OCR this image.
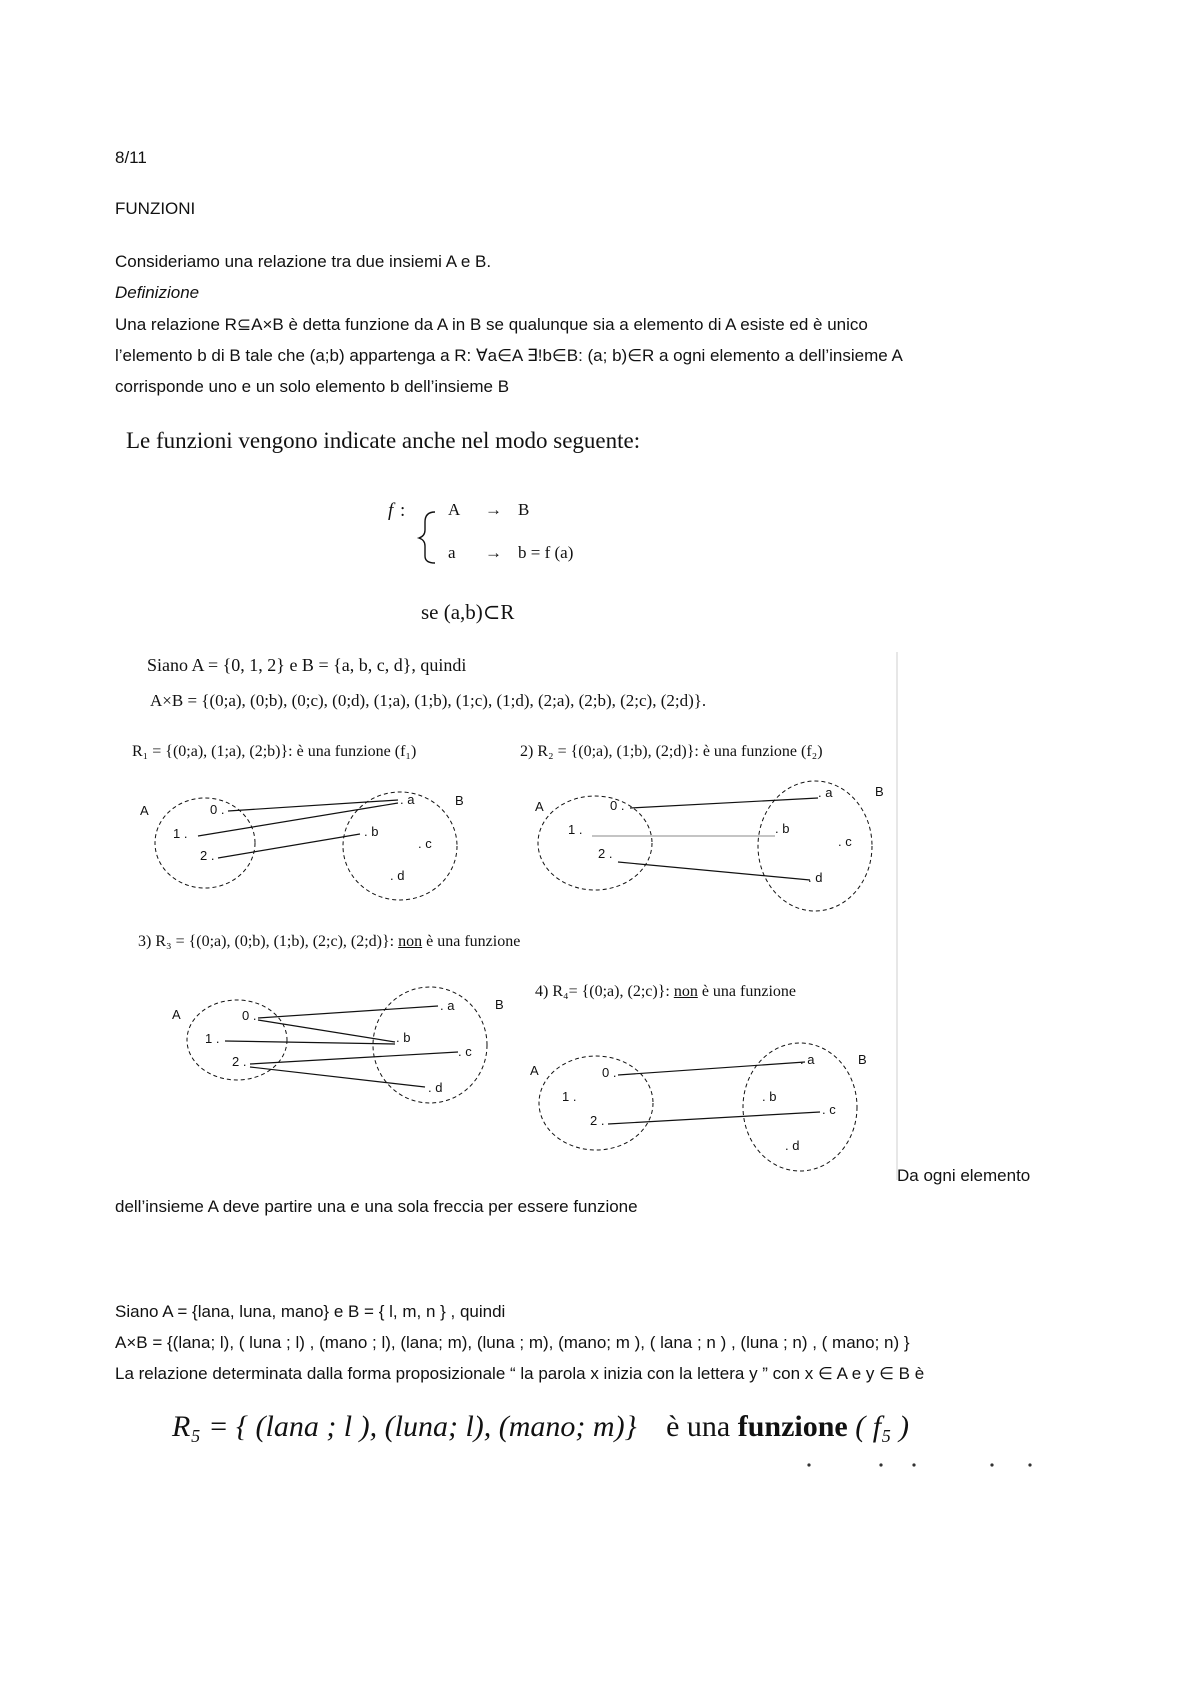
8/11
FUNZIONI
Consideriamo una relazione tra due insiemi A e B.
Definizione
Una relazione R⊆A×B è detta funzione da A in B se qualunque sia a elemento di A esiste ed è unico
l’elemento b di B tale che (a;b) appartenga a R: ∀a∈A ∃!b∈B: (a; b)∈R a ogni elemento a dell’insieme A
corrisponde uno e un solo elemento b dell’insieme B
Le funzioni vengono indicate anche nel modo seguente:
f :	A → B
a → b = f (a)
se (a,b)⊂R
Siano A = {0, 1, 2} e B = {a, b, c, d}, quindi
A×B = {(0;a), (0;b), (0;c), (0;d), (1;a), (1;b), (1;c), (1;d), (2;a), (2;b), (2;c), (2;d)}.
R₁ = {(0;a), (1;a), (2;b)}: è una funzione (f₁)	2) R₂ = {(0;a), (1;b), (2;d)}: è una funzione (f₂)
3) R₃ = {(0;a), (0;b), (1;b), (2;c), (2;d)}: non è una funzione
4) R₄= {(0;a), (2;c)}: non è una funzione
A
B
0 .
1 .
2 .
. a
. b
. c
. d
A
B
0 .
1 .
2 .
. a
. b
. c
. d
A
B
0 .
1 .
2 .
. a
. b
. c
. d
A
B
0 .
1 .
2 .
. a
. b
. c
. d
Da ogni elemento
dell’insieme A deve partire una e una sola freccia per essere funzione
Siano A = {lana, luna, mano} e B = { l, m, n } , quindi
A×B = {(lana; l), ( luna ; l) , (mano ; l), (lana; m), (luna ; m), (mano; m ), ( lana ; n ) , (luna ; n) , ( mano; n) }
La relazione determinata dalla forma proposizionale “ la parola x inizia con la lettera y ” con x ∈ A e y ∈ B è
R₅ = { (lana ; l ), (luna; l), (mano; m)} è una funzione ( f₅ )
